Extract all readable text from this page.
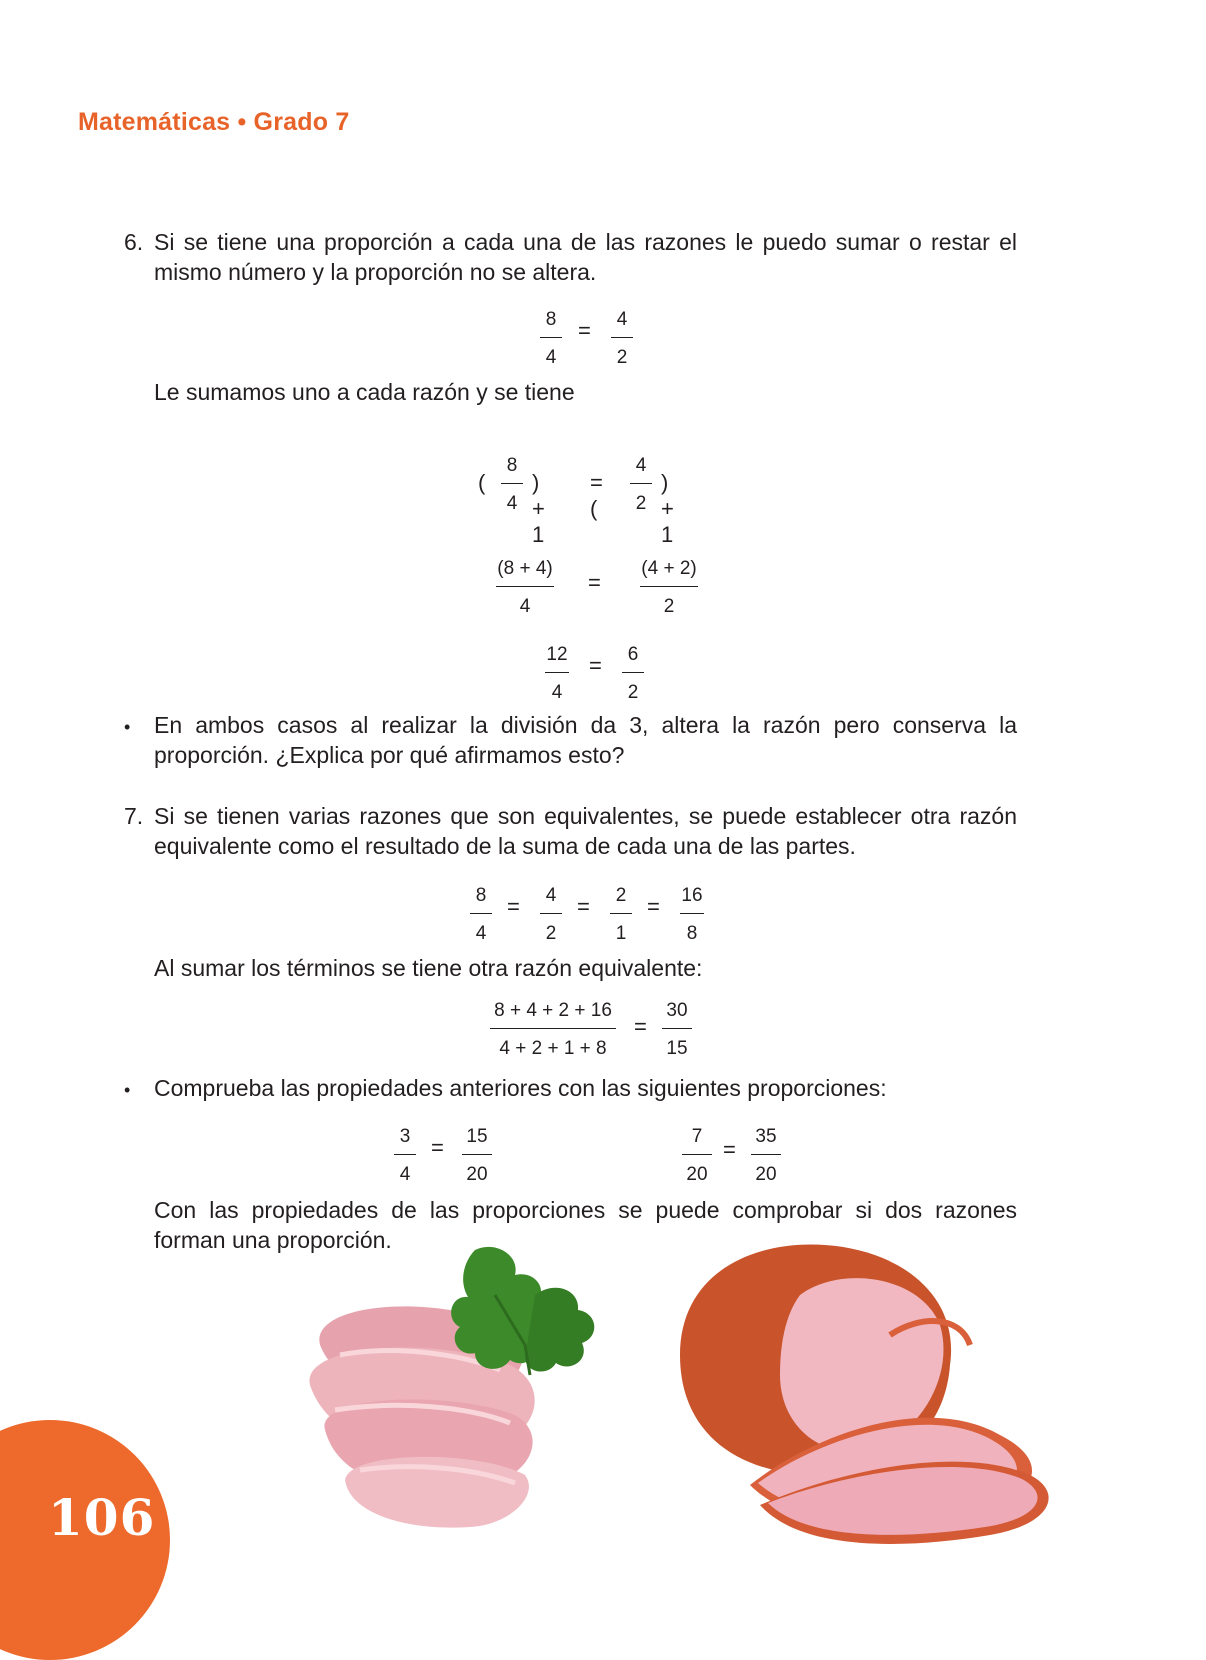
Matemáticas • Grado 7
6. Si se tiene una proporción a cada una de las razones le puedo sumar o restar el mismo número y la proporción no se altera.
8
4
= 4
2
Le sumamos uno a cada razón y se tiene
(
8
4
) + 1
= (
4
2
) + 1
(8 + 4)
4
=
(4 + 2)
2
12
4
= 6
2
• En ambos casos al realizar la división da 3, altera la razón pero conserva la proporción. ¿Explica por qué afirmamos esto?
7. Si se tienen varias razones que son equivalentes, se puede establecer otra razón equivalente como el resultado de la suma de cada una de las partes.
8
4
= 4
2
= 2
1
= 16
8
Al sumar los términos se tiene otra razón equivalente:
8 + 4 + 2 + 16
4 + 2 + 1 + 8
=
30
15
• Comprueba las propiedades anteriores con las siguientes proporciones:
3
4
= 15
20
7
20
=
35
20
Con las propiedades de las proporciones se puede comprobar si dos razones forman una proporción.
106
